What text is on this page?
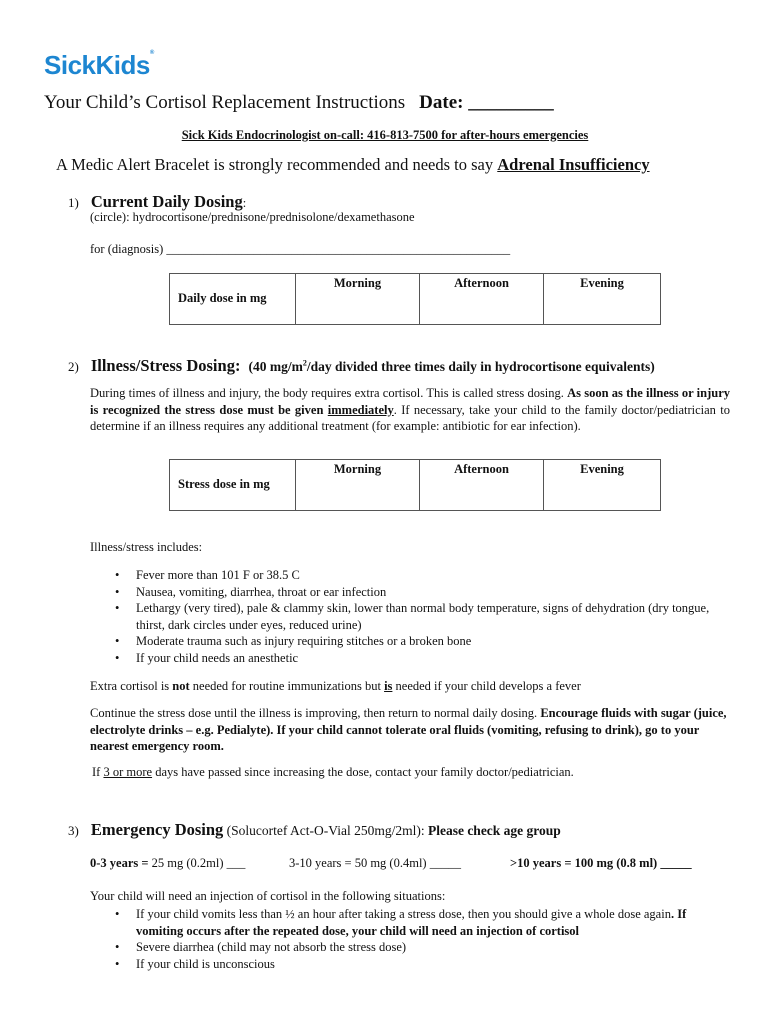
SickKids®
Your Child’s Cortisol Replacement Instructions Date: _________
Sick Kids Endocrinologist on-call: 416-813-7500 for after-hours emergencies
A Medic Alert Bracelet is strongly recommended and needs to say Adrenal Insufficiency
1) Current Daily Dosing:
(circle): hydrocortisone/prednisone/prednisolone/dexamethasone
for (diagnosis) _______________________________________________________
Daily dose in mg	Morning	Afternoon	Evening
2) Illness/Stress Dosing: (40 $mg/m^2$/day divided three times daily in hydrocortisone equivalents)
During times of illness and injury, the body requires extra cortisol. This is called stress dosing. As soon as the illness or injury is recognized the stress dose must be given immediately. If necessary, take your child to the family doctor/pediatrician to determine if an illness requires any additional treatment (for example: antibiotic for ear infection).
Stress dose in mg	Morning	Afternoon	Evening
Illness/stress includes:
• Fever more than 101 F or 38.5 C
• Nausea, vomiting, diarrhea, throat or ear infection
• Lethargy (very tired), pale & clammy skin, lower than normal body temperature, signs of dehydration (dry tongue, thirst, dark circles under eyes, reduced urine)
• Moderate trauma such as injury requiring stitches or a broken bone
• If your child needs an anesthetic
Extra cortisol is not needed for routine immunizations but is needed if your child develops a fever
Continue the stress dose until the illness is improving, then return to normal daily dosing. Encourage fluids with sugar (juice, electrolyte drinks – e.g. Pedialyte). If your child cannot tolerate oral fluids (vomiting, refusing to drink), go to your nearest emergency room.
If 3 or more days have passed since increasing the dose, contact your family doctor/pediatrician.
3) Emergency Dosing (Solucortef Act-O-Vial 250mg/2ml): Please check age group
0-3 years = 25 mg (0.2ml) ___	3-10 years = 50 mg (0.4ml) _____	>10 years = 100 mg (0.8 ml) _____
Your child will need an injection of cortisol in the following situations:
• If your child vomits less than ½ an hour after taking a stress dose, then you should give a whole dose again. If vomiting occurs after the repeated dose, your child will need an injection of cortisol
• Severe diarrhea (child may not absorb the stress dose)
• If your child is unconscious
